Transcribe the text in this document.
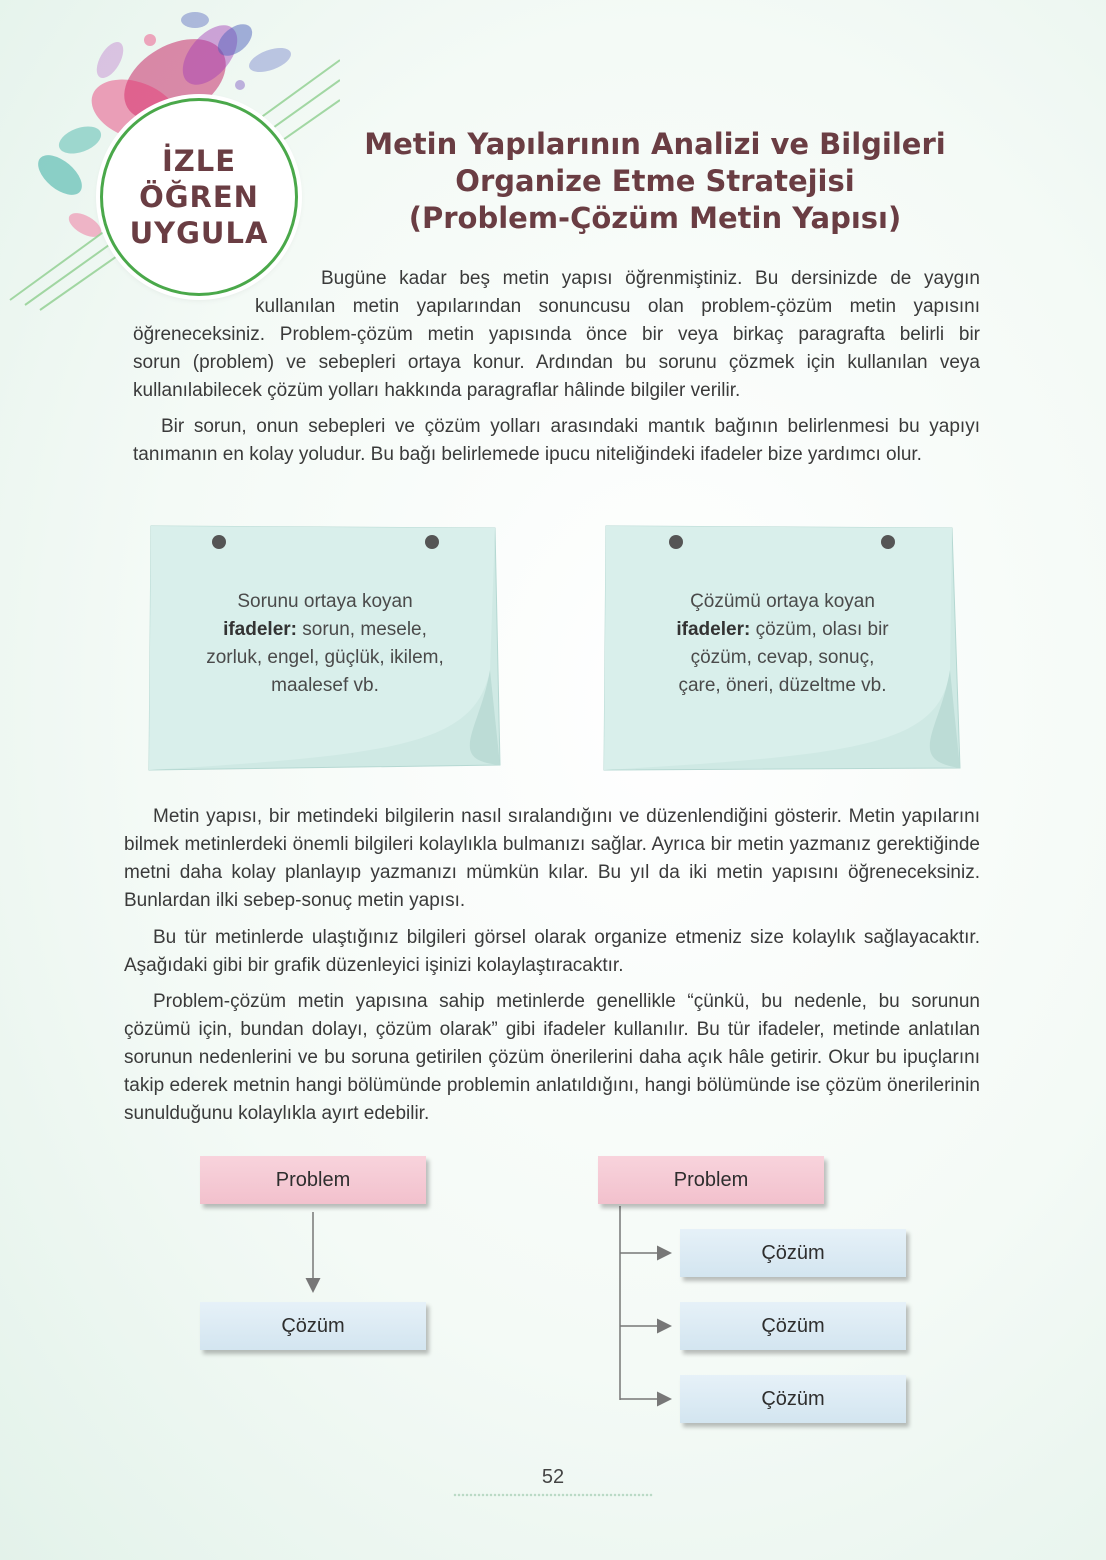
İZLE
ÖĞREN
UYGULA
Metin Yapılarının Analizi ve Bilgileri
Organize Etme Stratejisi
(Problem-Çözüm Metin Yapısı)
Bugüne kadar beş metin yapısı öğrenmiştiniz. Bu dersinizde de yaygın
kullanılan metin yapılarından sonuncusu olan problem-çözüm metin yapısını
öğreneceksiniz. Problem-çözüm metin yapısında önce bir veya birkaç paragrafta belirli bir
sorun (problem) ve sebepleri ortaya konur. Ardından bu sorunu çözmek için kullanılan veya
kullanılabilecek çözüm yolları hakkında paragraflar hâlinde bilgiler verilir.
Bir sorun, onun sebepleri ve çözüm yolları arasındaki mantık bağının belirlenmesi bu yapıyı tanımanın en kolay yoludur. Bu bağı belirlemede ipucu niteliğindeki ifadeler bize yardımcı olur.
Sorunu ortaya koyan
ifadeler: sorun, mesele,
zorluk, engel, güçlük, ikilem,
maalesef vb.
Çözümü ortaya koyan
ifadeler: çözüm, olası bir
çözüm, cevap, sonuç,
çare, öneri, düzeltme vb.
Metin yapısı, bir metindeki bilgilerin nasıl sıralandığını ve düzenlendiğini gösterir. Metin yapılarını bilmek metinlerdeki önemli bilgileri kolaylıkla bulmanızı sağlar. Ayrıca bir metin yazmanız gerektiğinde metni daha kolay planlayıp yazmanızı mümkün kılar. Bu yıl da iki metin yapısını öğreneceksiniz. Bunlardan ilki sebep-sonuç metin yapısı.
Bu tür metinlerde ulaştığınız bilgileri görsel olarak organize etmeniz size kolaylık sağlayacaktır. Aşağıdaki gibi bir grafik düzenleyici işinizi kolaylaştıracaktır.
Problem-çözüm metin yapısına sahip metinlerde genellikle “çünkü, bu nedenle, bu sorunun çözümü için, bundan dolayı, çözüm olarak” gibi ifadeler kullanılır. Bu tür ifadeler, metinde anlatılan sorunun nedenlerini ve bu soruna getirilen çözüm önerilerini daha açık hâle getirir. Okur bu ipuçlarını takip ederek metnin hangi bölümünde problemin anlatıldığını, hangi bölümünde ise çözüm önerilerinin sunulduğunu kolaylıkla ayırt edebilir.
Problem
Çözüm
Problem
Çözüm
Çözüm
Çözüm
52
